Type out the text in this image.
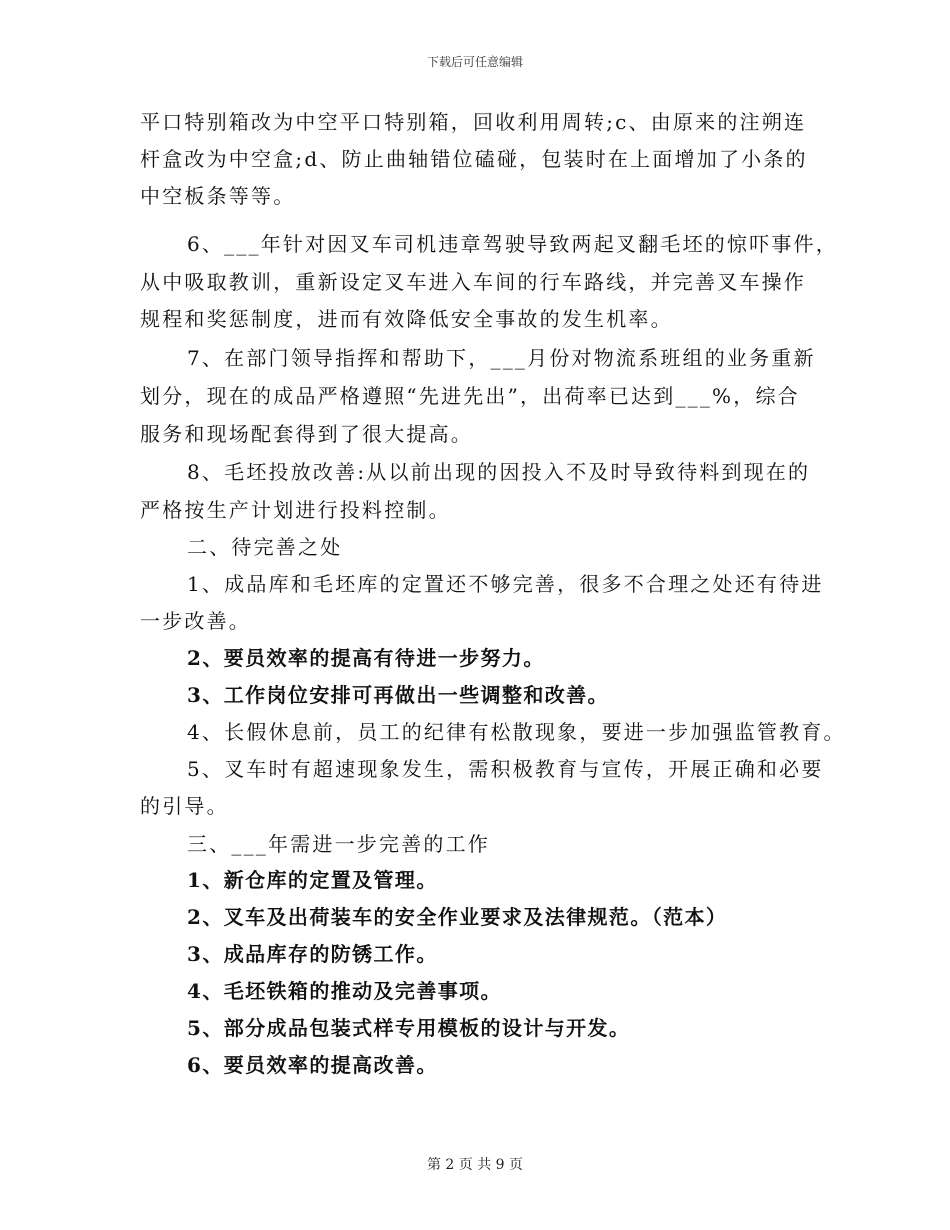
下载后可任意编辑
平口特别箱改为中空平口特别箱，回收利用周转;c、由原来的注朔连
杆盒改为中空盒;d、防止曲轴错位磕碰，包装时在上面增加了小条的
中空板条等等。
6、___年针对因叉车司机违章驾驶导致两起叉翻毛坯的惊吓事件，
从中吸取教训，重新设定叉车进入车间的行车路线，并完善叉车操作
规程和奖惩制度，进而有效降低安全事故的发生机率。
7、在部门领导指挥和帮助下，___月份对物流系班组的业务重新
划分，现在的成品严格遵照“先进先出”，出荷率已达到___%，综合
服务和现场配套得到了很大提高。
8、毛坯投放改善:从以前出现的因投入不及时导致待料到现在的
严格按生产计划进行投料控制。
二、待完善之处
1、成品库和毛坯库的定置还不够完善，很多不合理之处还有待进
一步改善。
2、要员效率的提高有待进一步努力。
3、工作岗位安排可再做出一些调整和改善。
4、长假休息前，员工的纪律有松散现象，要进一步加强监管教育。
5、叉车时有超速现象发生，需积极教育与宣传，开展正确和必要
的引导。
三、___年需进一步完善的工作
1、新仓库的定置及管理。
2、叉车及出荷装车的安全作业要求及法律规范。（范本）
3、成品库存的防锈工作。
4、毛坯铁箱的推动及完善事项。
5、部分成品包装式样专用模板的设计与开发。
6、要员效率的提高改善。
第 2 页 共 9 页
